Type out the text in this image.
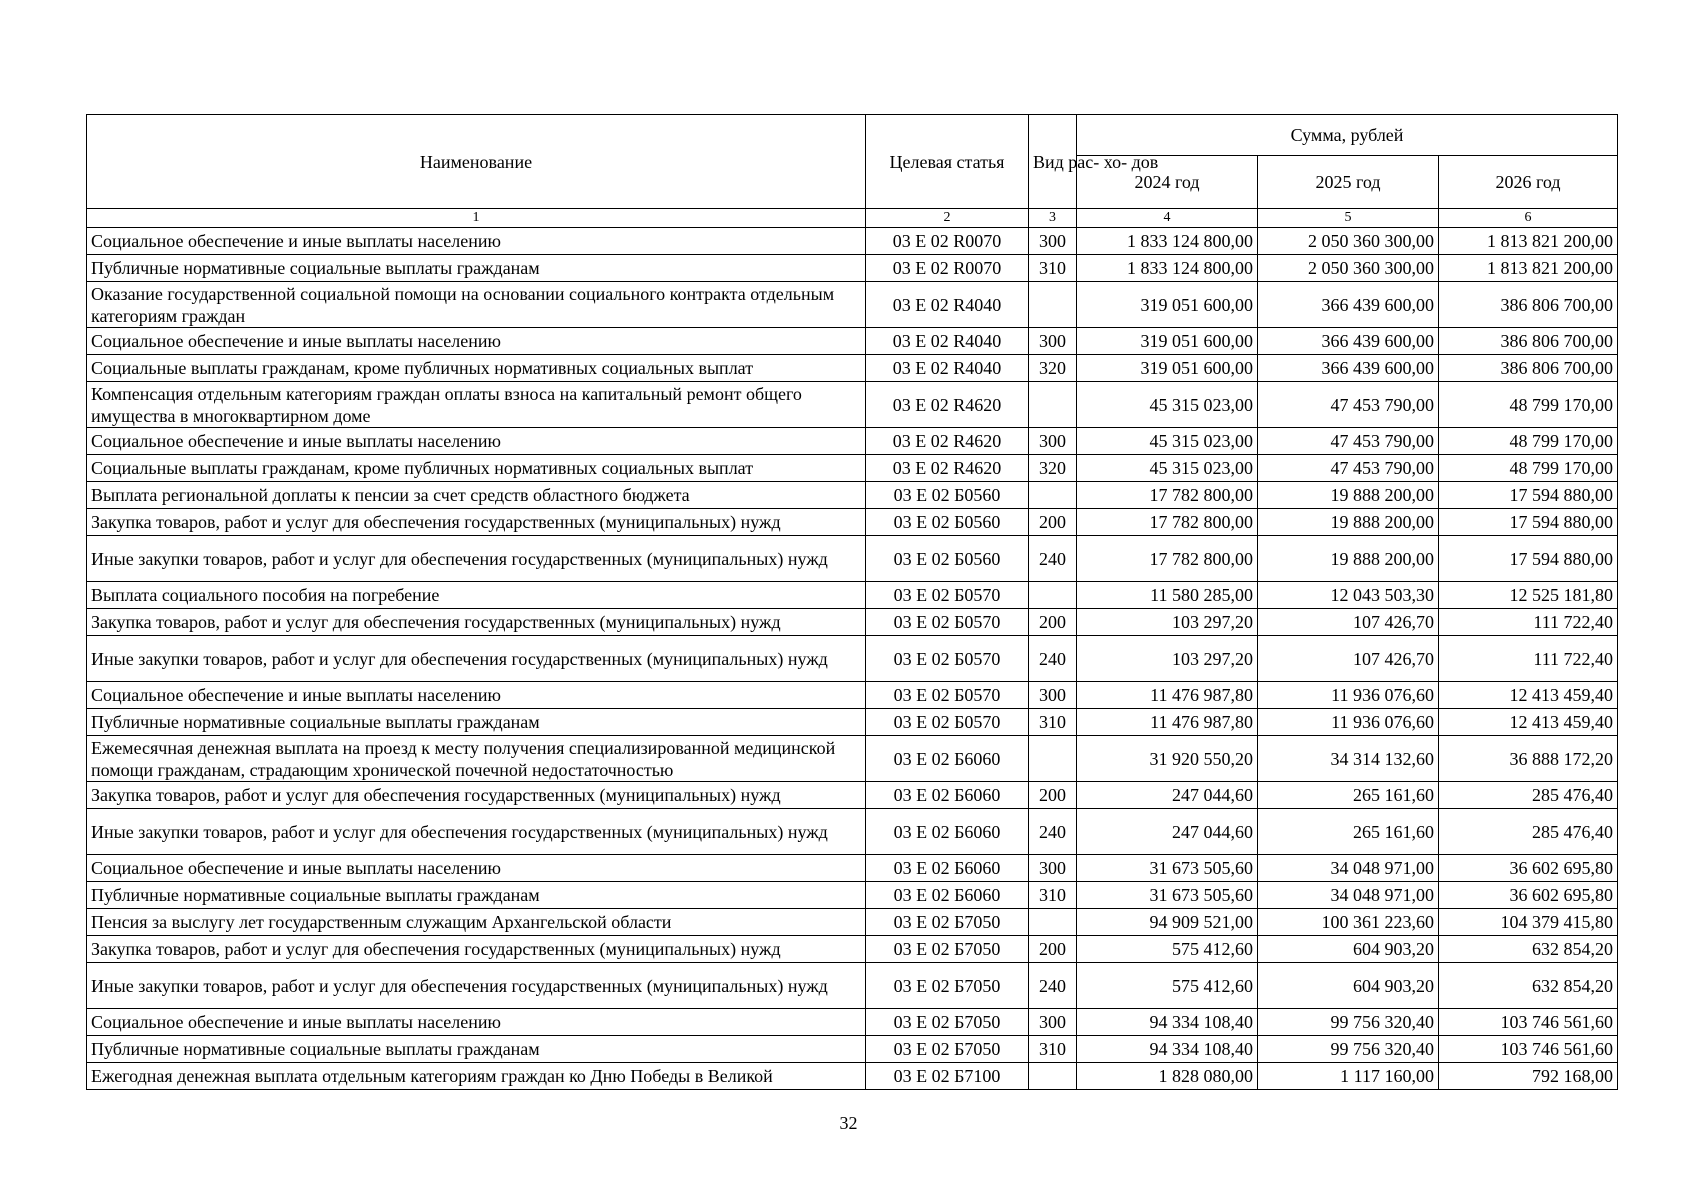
Наименование	Целевая статья	Вид рас- хо- дов	Сумма, рублей		
			2024 год	2025 год	2026 год
1	2	3	4	5	6
Социальное обеспечение и иные выплаты населению	03 Е 02 R0070	300	1 833 124 800,00	2 050 360 300,00	1 813 821 200,00
Публичные нормативные социальные выплаты гражданам	03 Е 02 R0070	310	1 833 124 800,00	2 050 360 300,00	1 813 821 200,00
Оказание государственной социальной помощи на основании социального контракта отдельным категориям граждан	03 Е 02 R4040		319 051 600,00	366 439 600,00	386 806 700,00
Социальное обеспечение и иные выплаты населению	03 Е 02 R4040	300	319 051 600,00	366 439 600,00	386 806 700,00
Социальные выплаты гражданам, кроме публичных нормативных социальных выплат	03 Е 02 R4040	320	319 051 600,00	366 439 600,00	386 806 700,00
Компенсация отдельным категориям граждан оплаты взноса на капитальный ремонт общего имущества в многоквартирном доме	03 Е 02 R4620		45 315 023,00	47 453 790,00	48 799 170,00
Социальное обеспечение и иные выплаты населению	03 Е 02 R4620	300	45 315 023,00	47 453 790,00	48 799 170,00
Социальные выплаты гражданам, кроме публичных нормативных социальных выплат	03 Е 02 R4620	320	45 315 023,00	47 453 790,00	48 799 170,00
Выплата региональной доплаты к пенсии за счет средств областного бюджета	03 Е 02 Б0560		17 782 800,00	19 888 200,00	17 594 880,00
Закупка товаров, работ и услуг для обеспечения государственных (муниципальных) нужд	03 Е 02 Б0560	200	17 782 800,00	19 888 200,00	17 594 880,00
Иные закупки товаров, работ и услуг для обеспечения государственных (муниципальных) нужд	03 Е 02 Б0560	240	17 782 800,00	19 888 200,00	17 594 880,00
Выплата социального пособия на погребение	03 Е 02 Б0570		11 580 285,00	12 043 503,30	12 525 181,80
Закупка товаров, работ и услуг для обеспечения государственных (муниципальных) нужд	03 Е 02 Б0570	200	103 297,20	107 426,70	111 722,40
Иные закупки товаров, работ и услуг для обеспечения государственных (муниципальных) нужд	03 Е 02 Б0570	240	103 297,20	107 426,70	111 722,40
Социальное обеспечение и иные выплаты населению	03 Е 02 Б0570	300	11 476 987,80	11 936 076,60	12 413 459,40
Публичные нормативные социальные выплаты гражданам	03 Е 02 Б0570	310	11 476 987,80	11 936 076,60	12 413 459,40
Ежемесячная денежная выплата на проезд к месту получения специализированной медицинской помощи гражданам, страдающим хронической почечной недостаточностью	03 Е 02 Б6060		31 920 550,20	34 314 132,60	36 888 172,20
Закупка товаров, работ и услуг для обеспечения государственных (муниципальных) нужд	03 Е 02 Б6060	200	247 044,60	265 161,60	285 476,40
Иные закупки товаров, работ и услуг для обеспечения государственных (муниципальных) нужд	03 Е 02 Б6060	240	247 044,60	265 161,60	285 476,40
Социальное обеспечение и иные выплаты населению	03 Е 02 Б6060	300	31 673 505,60	34 048 971,00	36 602 695,80
Публичные нормативные социальные выплаты гражданам	03 Е 02 Б6060	310	31 673 505,60	34 048 971,00	36 602 695,80
Пенсия за выслугу лет государственным служащим Архангельской области	03 Е 02 Б7050		94 909 521,00	100 361 223,60	104 379 415,80
Закупка товаров, работ и услуг для обеспечения государственных (муниципальных) нужд	03 Е 02 Б7050	200	575 412,60	604 903,20	632 854,20
Иные закупки товаров, работ и услуг для обеспечения государственных (муниципальных) нужд	03 Е 02 Б7050	240	575 412,60	604 903,20	632 854,20
Социальное обеспечение и иные выплаты населению	03 Е 02 Б7050	300	94 334 108,40	99 756 320,40	103 746 561,60
Публичные нормативные социальные выплаты гражданам	03 Е 02 Б7050	310	94 334 108,40	99 756 320,40	103 746 561,60
Ежегодная денежная выплата отдельным категориям граждан ко Дню Победы в Великой	03 Е 02 Б7100		1 828 080,00	1 117 160,00	792 168,00
32
